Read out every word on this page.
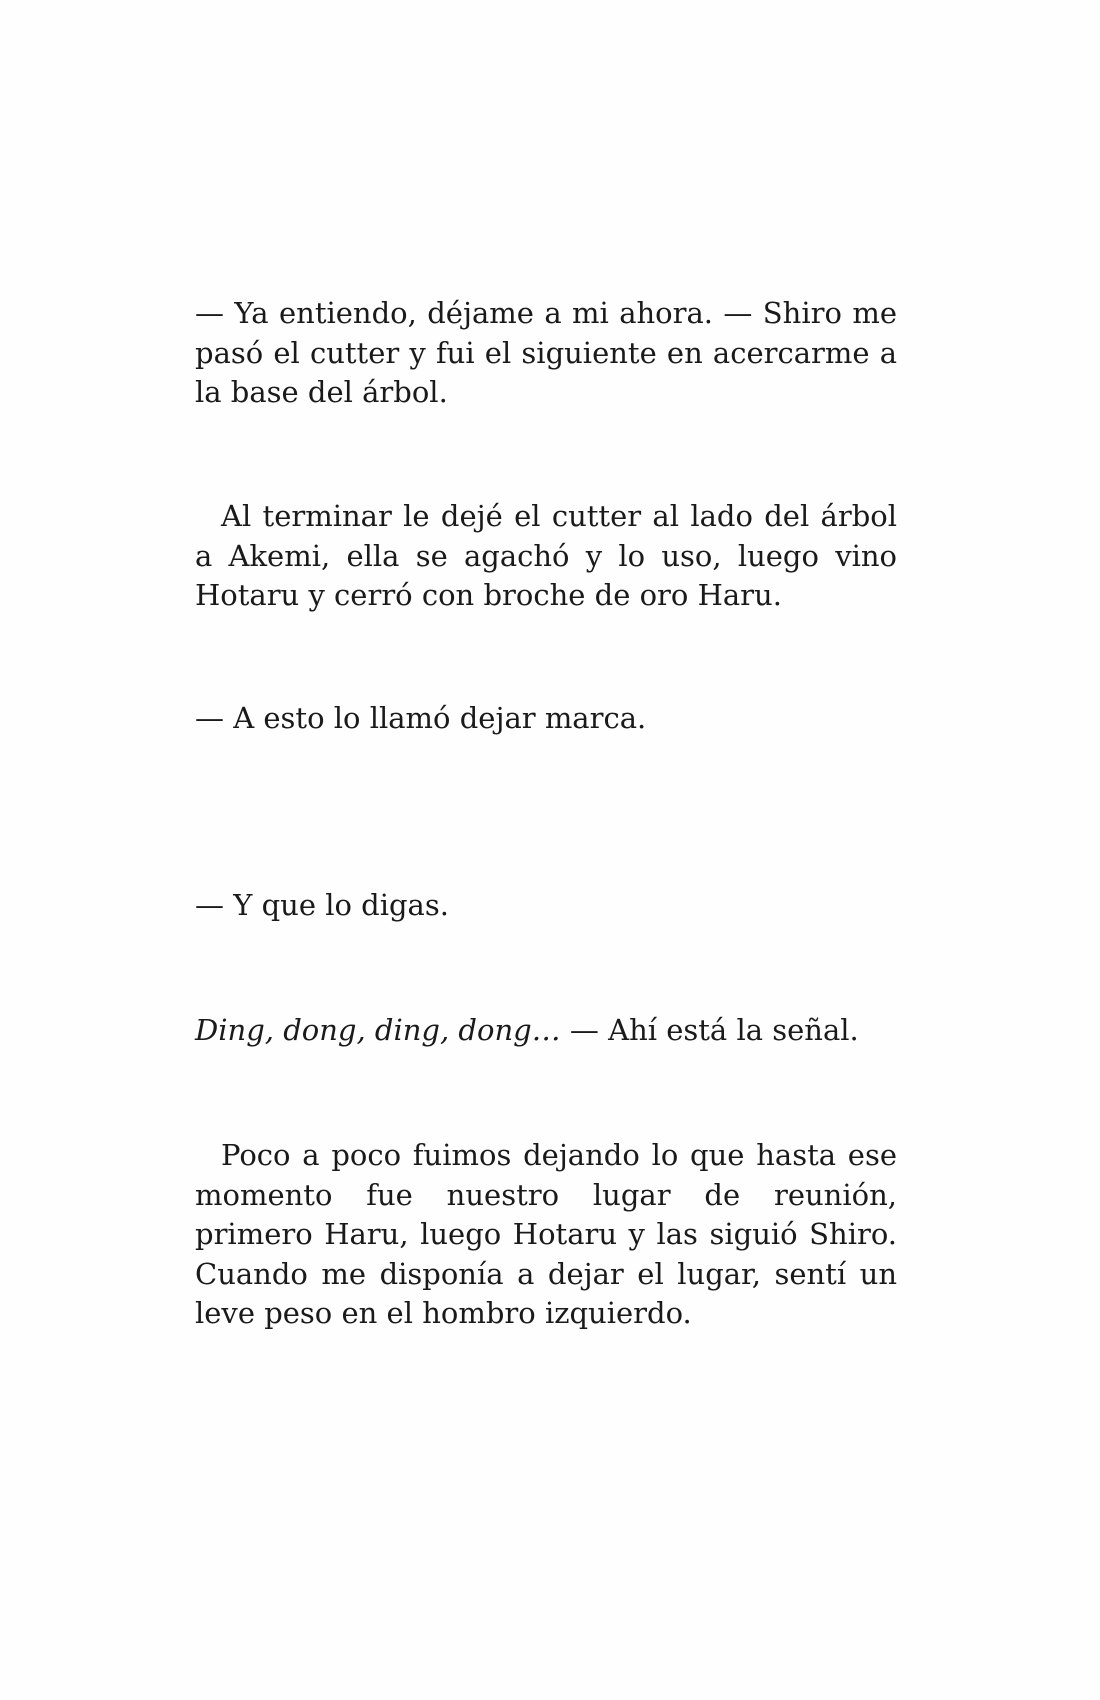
— Ya entiendo, déjame a mi ahora. — Shiro me pasó el cutter y fui el siguiente en acercarme a la base del árbol.

Al terminar le dejé el cutter al lado del árbol a Akemi, ella se agachó y lo uso, luego vino Hotaru y cerró con broche de oro Haru.

— A esto lo llamó dejar marca.

— Y que lo digas.

Ding, dong, ding, dong… — Ahí está la señal.

Poco a poco fuimos dejando lo que hasta ese momento fue nuestro lugar de reunión, primero Haru, luego Hotaru y las siguió Shiro. Cuando me disponía a dejar el lugar, sentí un leve peso en el hombro izquierdo.
